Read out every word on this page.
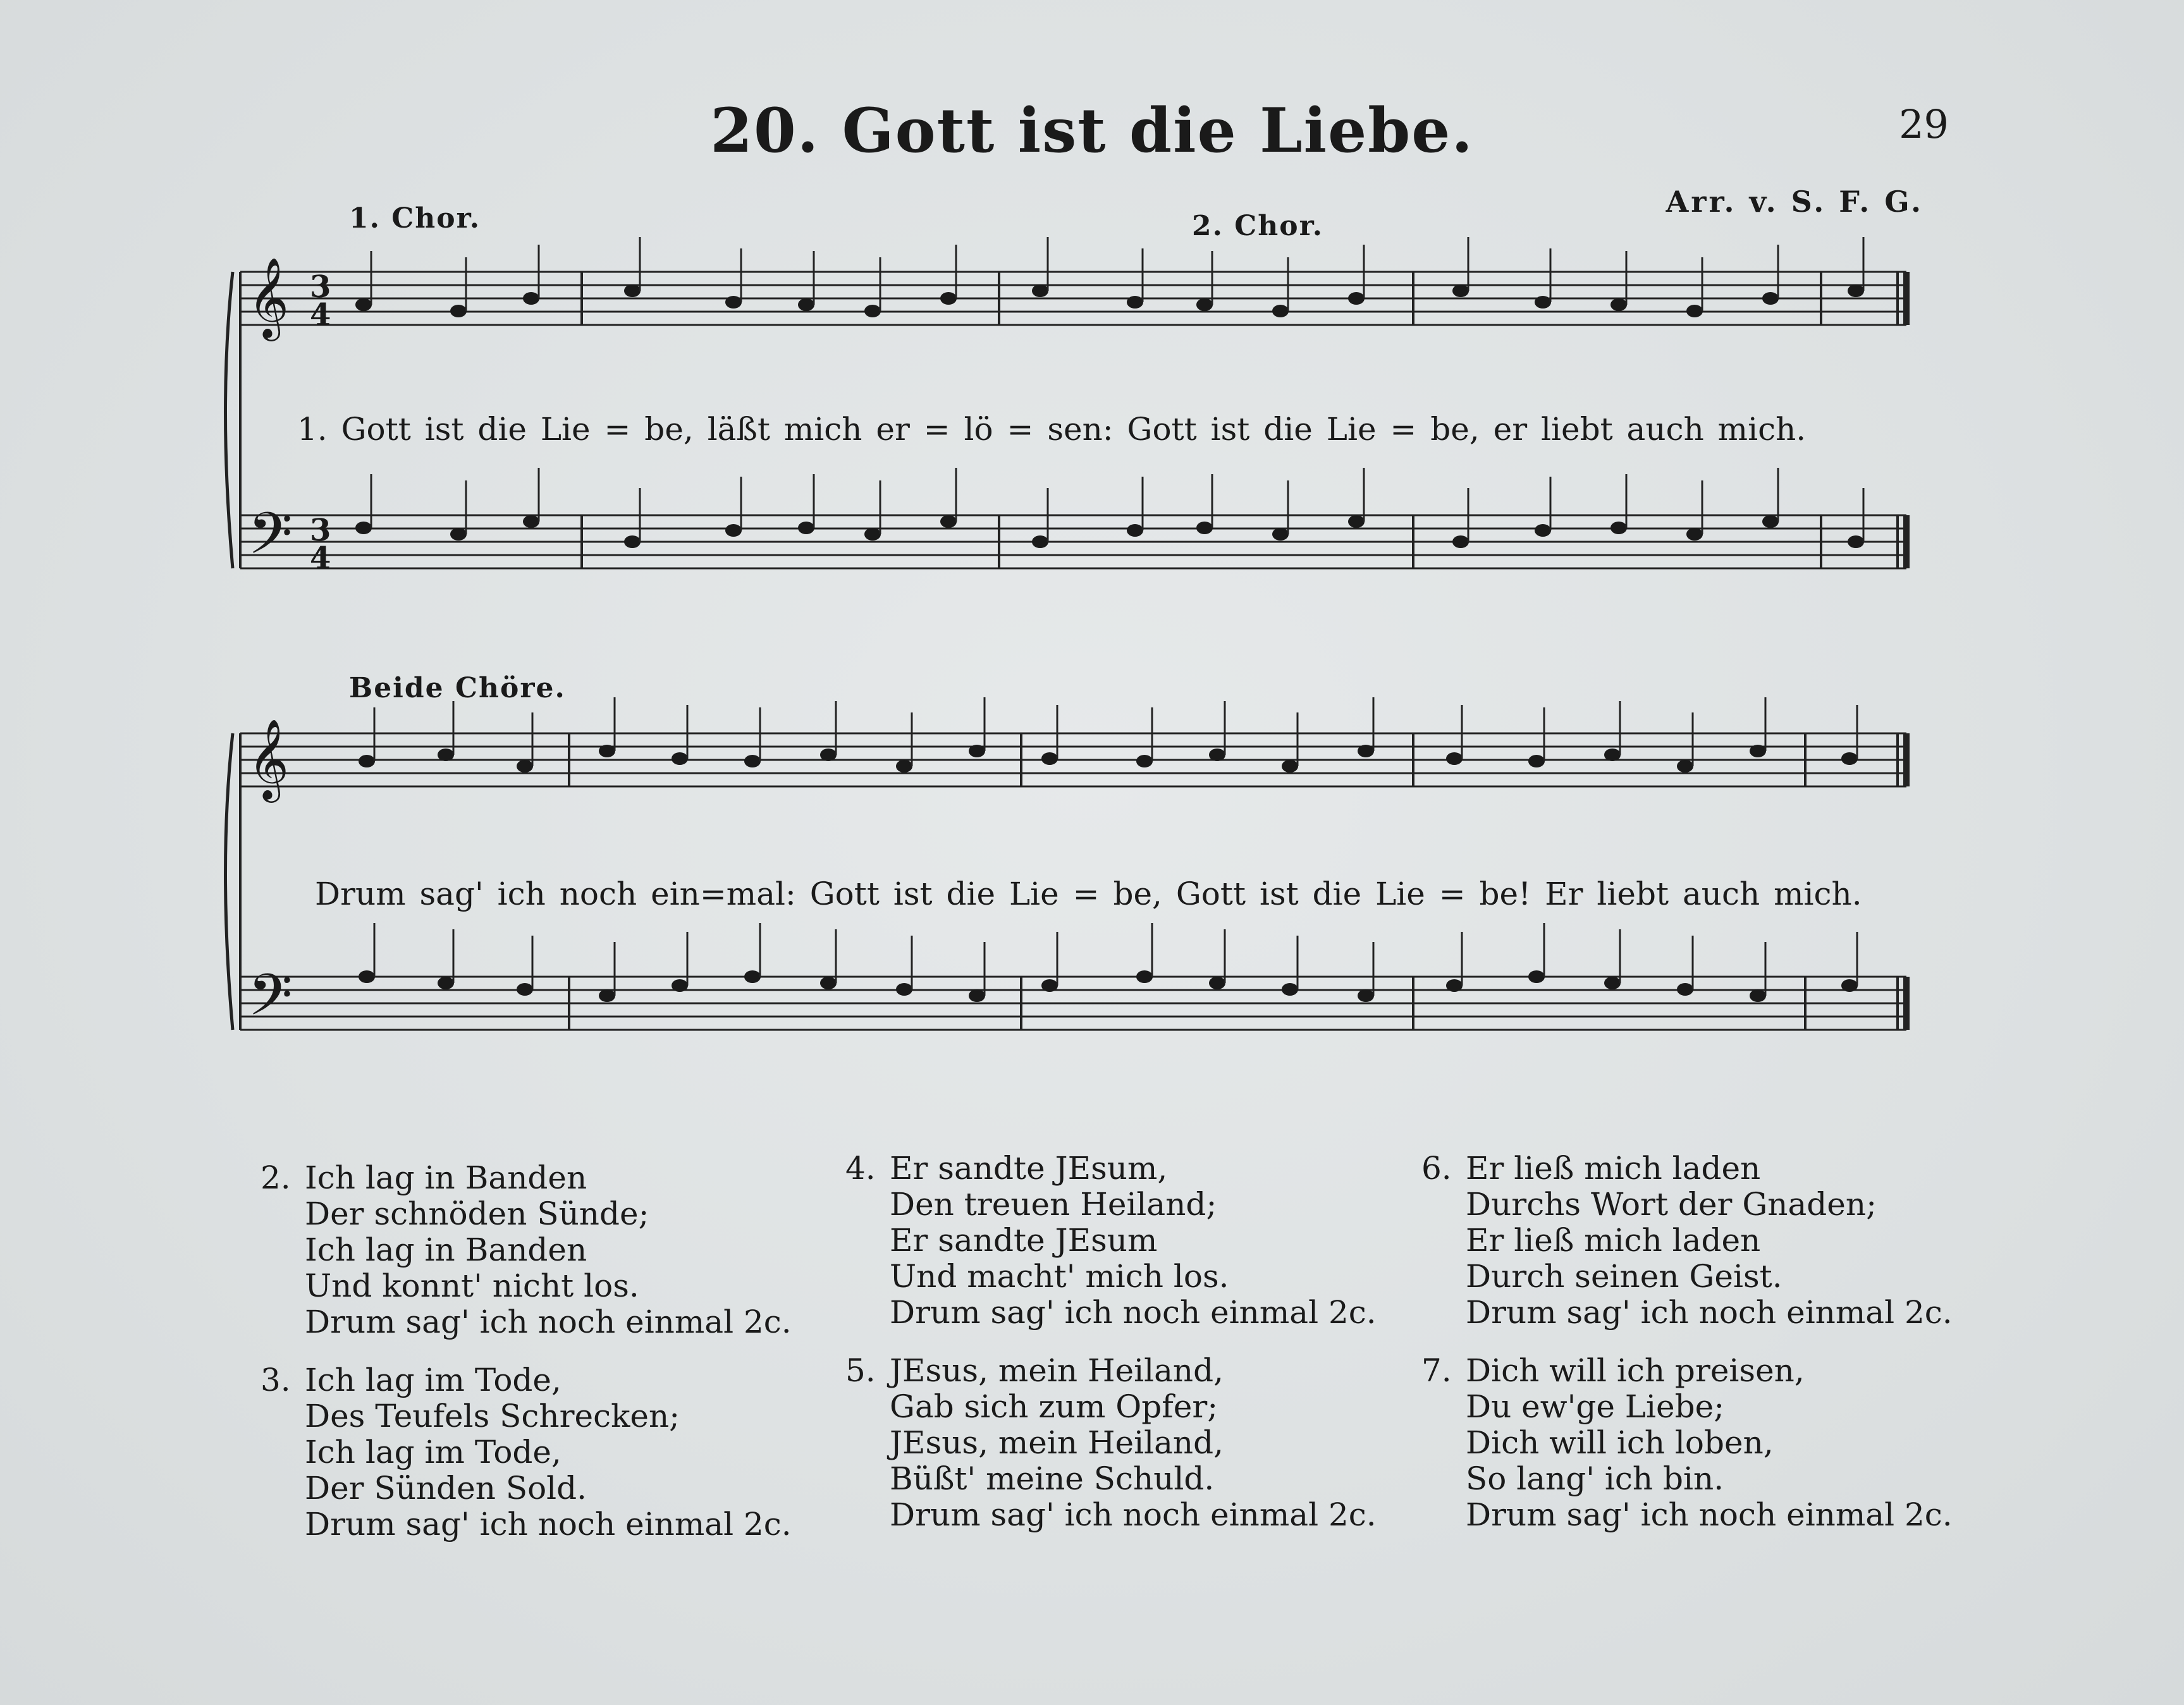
20. Gott ist die Liebe.	29
Arr. v. S. F. G.
1. Chor.	2. Chor.
Beide Chöre.
𝄞
𝄢
𝄞
𝄢
3
4
3
4
1. Gott ist die Lie = be, läßt mich er = lö = sen: Gott ist die Lie = be, er liebt auch mich.
Drum sag' ich noch ein=mal: Gott ist die Lie = be, Gott ist die Lie = be! Er liebt auch mich.
2. Ich lag in Banden
Der schnöden Sünde;
Ich lag in Banden
Und konnt' nicht los.
Drum sag' ich noch einmal 2c.
3. Ich lag im Tode,
Des Teufels Schrecken;
Ich lag im Tode,
Der Sünden Sold.
Drum sag' ich noch einmal 2c.
4. Er sandte JEsum,
Den treuen Heiland;
Er sandte JEsum
Und macht' mich los.
Drum sag' ich noch einmal 2c.
5. JEsus, mein Heiland,
Gab sich zum Opfer;
JEsus, mein Heiland,
Büßt' meine Schuld.
Drum sag' ich noch einmal 2c.
6. Er ließ mich laden
Durchs Wort der Gnaden;
Er ließ mich laden
Durch seinen Geist.
Drum sag' ich noch einmal 2c.
7. Dich will ich preisen,
Du ew'ge Liebe;
Dich will ich loben,
So lang' ich bin.
Drum sag' ich noch einmal 2c.
